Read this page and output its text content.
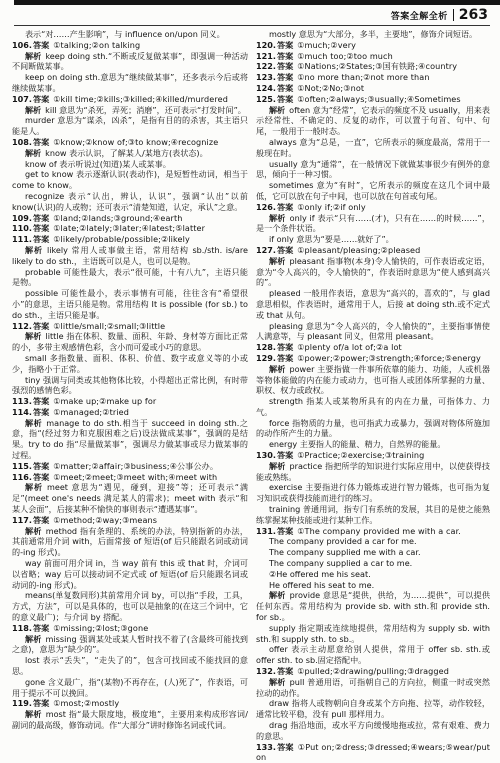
答案全解全析 263

表示“对……产生影响”，与 influence on/upon 同义。

106.答案 ①talking;②on talking

解析 keep doing sth.“不断或反复做某事”，即强调一种活动不间断做某事。

keep on doing sth.意思为“继续做某事”，还多表示今后或将继续做某事。

107.答案 ①kill time;②kills;③killed;④killed/murdered

解析 kill 意思为“杀死，弄死；消磨”，还可表示“打发时间”。

murder 意思为“谋杀，凶杀”，是指有目的的杀害，其主语只能是人。

108.答案 ①know;②know of;③to know;④recognize

解析 know 表示认识，了解某人/某地方(表状态)。

know of 表示听说过(知道)某人或某事。

get to know 表示逐渐认识(表动作)，是短暂性动词，相当于 come to know。

recognize 表示“认出，辨认，认识”，强调“认出”以前 know(认识)的人或物；还可表示“清楚知道，认定，承认”之意。

109.答案 ①land;②lands;③ground;④earth

110.答案 ①late;②lately;③later;④latest;⑤latter

111.答案 ①likely/probable/possible;②likely

解析 likely 常用人或事做主语，常用结构 sb./sth. is/are likely to do sth.，主语既可以是人，也可以是物。

probable 可能性最大，表示“很可能，十有八九”，主语只能是物。

possible 可能性最小，表示事情有可能，往往含有“希望很小”的意思，主语只能是物。常用结构 It is possible (for sb.) to do sth.，主语只能是事。

112.答案 ①little/small;②small;③little

解析 little 指在体积、数量、面积、年龄、身材等方面比正常的小，多带主观感情色彩，含小而可爱或小巧的意思。

small 多指数量、面积、体积、价值、数字或意义等的小或少，指略小于正常。

tiny 强调与同类或其他物体比较，小得超出正常比例，有时带强烈的感情色彩。

113.答案 ①make up;②make up for

114.答案 ①managed;②tried

解析 manage to do sth.相当于 succeed in doing sth.之意，指“(经过努力和克服困难之后)设法做成某事”，强调的是结果。try to do 指“尽量做某事”，强调尽力做某事或尽力做某事的过程。

115.答案 ①matter;②affair;③business;④公事公办。

116.答案 ①meet;②meet;③meet with;④meet with

解析 meet 意思为“遇见，碰到，迎接”等；还可表示“满足”(meet one's needs 满足某人的需求)；meet with 表示“和某人会面”，后接某种不愉快的事则表示“遭遇某事”。

117.答案 ①method;②way;③means

解析 method 指有条理的、系统的办法，特别指新的办法，其前通常用介词 with，后面常接 of 短语(of 后只能跟名词或动词的-ing 形式)。

way 前面可用介词 in，当 way 前有 this 或 that 时，介词可以省略；way 后可以接动词不定式或 of 短语(of 后只能跟名词或动词的-ing 形式)。

means(单复数同形)其前常用介词 by，可以指“手段，工具，方式，方法”，可以是具体的，也可以是抽象的(在这三个词中，它的意义最广)；与介词 by 搭配。

118.答案 ①missing;②lost;③gone

解析 missing 强调某处或某人暂时找不着了(含最终可能找到之意)，意思为“缺少的”。

lost 表示“丢失”，“走失了的”，包含可找回或不能找回的意思。

gone 含义最广，指“(某物)不再存在，(人)死了”，作表语，可用于提示不可以挽回。

119.答案 ①most;②mostly

解析 most 指“最大限度地，极度地”，主要用来构成形容词/副词的最高级，修饰动词。作“大部分”讲时修饰名词或代词。

mostly 意思为“大部分，多半，主要地”，修饰介词短语。

120.答案 ①much;②very

121.答案 ①much too;②too much

122.答案 ①Nations;②States;③国有铁路;④country

123.答案 ①no more than;②not more than

124.答案 ①Not;②No;③not

125.答案 ①often;②always;③usually;④Sometimes

解析 often 意为“经常”，它表示的频度不及 usually，用来表示经常性、不确定的、反复的动作，可以置于句首、句中、句尾，一般用于一般时态。

always 意为“总是，一直”，它所表示的频度最高，常用于一般现在时。

usually 意为“通常”，在一般情况下就做某事很少有例外的意思，倾向于一种习惯。

sometimes 意为“有时”，它所表示的频度在这几个词中最低，它可以放在句子中间，也可以放在句首或句尾。

126.答案 ①only if;②if only

解析 only if 表示“只有……(才)，只有在……的时候……”，是一个条件状语。

if only 意思为“要是……就好了”。

127.答案 ①pleasant/pleasing;②pleased

解析 pleasant 指事物(本身)令人愉快的，可作表语或定语，意为“令人高兴的，令人愉快的”，作表语时意思为“使人感到高兴的”。

pleased 一般用作表语，意思为“高兴的，喜欢的”，与 glad 意思相似，作表语时，通常用于人，后接 at doing sth.或不定式或 that 从句。

pleasing 意思为“令人高兴的，令人愉快的”，主要指事情使人满意等，与 pleasant 同义，但常用 pleasant。

128.答案 ①plenty of/a lot of;②a lot

129.答案 ①power;②power;③strength;④force;⑤energy

解析 power 主要指做一件事所依靠的能力、功能，人或机器等物体能做的内在能力或动力，也可指人或团体所掌握的力量、职权、权力或政权。

strength 指某人或某物所具有的内在力量，可指体力、力气。

force 指物质的力量，也可指武力或暴力，强调对物体所施加的动作所产生的力量。

energy 主要指人的能量、精力，自然界的能量。

130.答案 ①Practice;②exercise;③training

解析 practice 指把所学的知识进行实际应用中，以使获得技能或熟练。

exercise 主要指进行体力锻炼或进行智力锻炼，也可指为复习知识或获得技能而进行的练习。

training 普通用词，指专门有系统的发展，其目的是使之能熟练掌握某种技能或进行某种工作。

131.答案 ①The company provided me with a car.

The company provided a car for me.

The company supplied me with a car.

The company supplied a car to me.

②He offered me his seat.

He offered his seat to me.

解析 provide 意思是“提供，供给，为……提供”，可以提供任何东西。常用结构为 provide sb. with sth.和 provide sth. for sb.。

supply 指定期或连续地提供，常用结构为 supply sb. with sth.和 supply sth. to sb.。

offer 表示主动愿意给别人提供，常用于 offer sb. sth.或 offer sth. to sb.固定搭配中。

132.答案 ①pulled;②drawing/pulling;③dragged

解析 pull 普通用语，可指朝自己的方向拉，侧重一时或突然拉动的动作。

draw 指将人或物朝向自身或某个方向拖、拉等，动作较轻，通常比较平稳，没有 pull 那样用力。

drag 指沿地面，或水平方向缓慢地拖或拉，常有艰难、费力的意思。

133.答案 ①Put on;②dress;③dressed;④wears;⑤wear/put on
